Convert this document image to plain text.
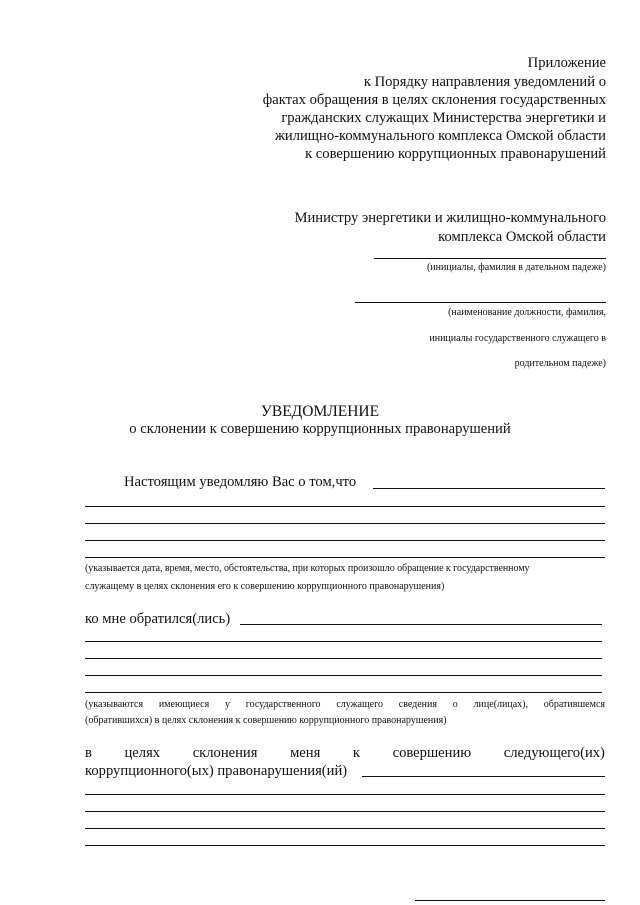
Приложение
к Порядку направления уведомлений о
фактах обращения в целях склонения государственных
гражданских служащих Министерства энергетики и
жилищно-коммунального комплекса Омской области
к совершению коррупционных правонарушений
Министру энергетики и жилищно-коммунального
комплекса Омской области
(инициалы, фамилия в дательном падеже)
(наименование должности, фамилия,
инициалы государственного служащего в
родительном падеже)
УВЕДОМЛЕНИЕ
о склонении к совершению коррупционных правонарушений
Настоящим уведомляю Вас о том,что
(указывается дата, время, место, обстоятельства, при которых произошло обращение к государственному
служащему в целях склонения его к совершению коррупционного правонарушения)
ко мне обратился(лись)
(указываются имеющиеся у государственного служащего сведения о лице(лицах), обратившемся
(обратившихся) в целях склонения к совершению коррупционного правонарушения)
в целях склонения меня к совершению следующего(их)
коррупционного(ых) правонарушения(ий)
